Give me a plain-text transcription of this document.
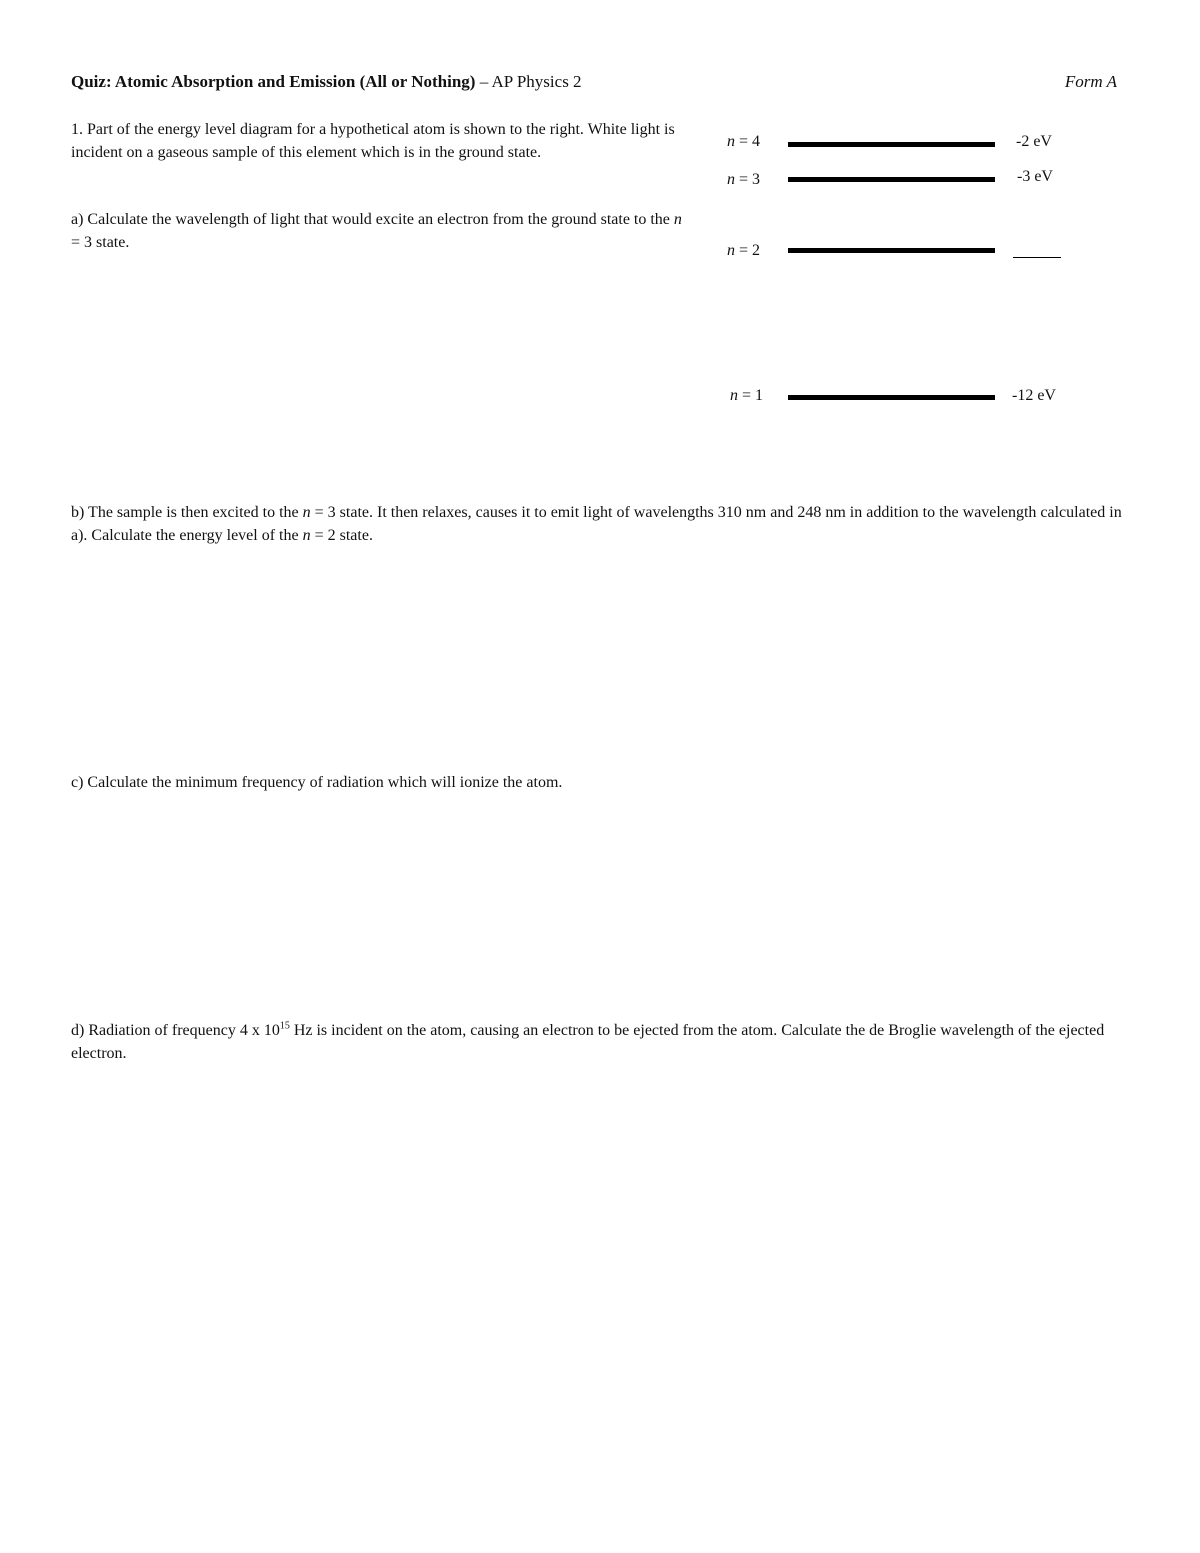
Quiz: Atomic Absorption and Emission (All or Nothing) – AP Physics 2	Form A
1. Part of the energy level diagram for a hypothetical atom is shown to the right. White light is incident on a gaseous sample of this element which is in the ground state.
a) Calculate the wavelength of light that would excite an electron from the ground state to the n = 3 state.
n = 4	-2 eV
n = 3	-3 eV
n = 2
n = 1	-12 eV
b) The sample is then excited to the n = 3 state. It then relaxes, causes it to emit light of wavelengths 310 nm and 248 nm in addition to the wavelength calculated in a). Calculate the energy level of the n = 2 state.
c) Calculate the minimum frequency of radiation which will ionize the atom.
d) Radiation of frequency 4 x $10^{15}$ Hz is incident on the atom, causing an electron to be ejected from the atom. Calculate the de Broglie wavelength of the ejected electron.
